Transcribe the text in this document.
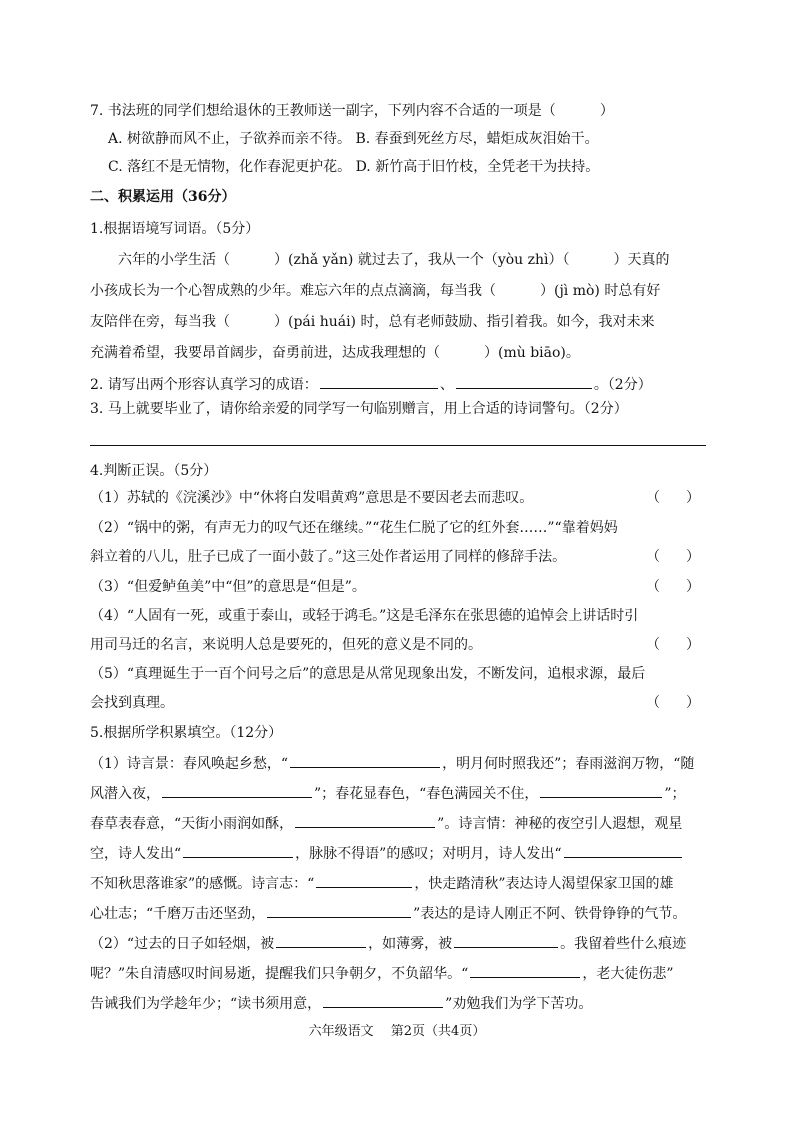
7. 书法班的同学们想给退休的王教师送一副字，下列内容不合适的一项是（	）
A. 树欲静而风不止，子欲养而亲不待。 B. 春蚕到死丝方尽，蜡炬成灰泪始干。
C. 落红不是无情物，化作春泥更护花。 D. 新竹高于旧竹枝，全凭老干为扶持。
二、积累运用（36分）
1.根据语境写词语。（5分）
六年的小学生活（	）(zhǎ yǎn) 就过去了，我从一个（yòu zhì）（	）天真的
小孩成长为一个心智成熟的少年。难忘六年的点点滴滴，每当我（	）(jì mò) 时总有好
友陪伴在旁，每当我（	）(pái huái) 时，总有老师鼓励、指引着我。如今，我对未来
充满着希望，我要昂首阔步，奋勇前进，达成我理想的（	）(mù biāo)。
2. 请写出两个形容认真学习的成语：	、	。（2分）
3. 马上就要毕业了，请你给亲爱的同学写一句临别赠言，用上合适的诗词警句。（2分）
4.判断正误。（5分）
（1）苏轼的《浣溪沙》中“休将白发唱黄鸡”意思是不要因老去而悲叹。	（ ）
（2）“锅中的粥，有声无力的叹气还在继续。”“花生仁脱了它的红外套……”“靠着妈妈
斜立着的八儿，肚子已成了一面小鼓了。”这三处作者运用了同样的修辞手法。	（ ）
（3）“但爱鲈鱼美”中“但”的意思是“但是”。	（ ）
（4）“人固有一死，或重于泰山，或轻于鸿毛。”这是毛泽东在张思德的追悼会上讲话时引
用司马迁的名言，来说明人总是要死的，但死的意义是不同的。	（ ）
（5）“真理诞生于一百个问号之后”的意思是从常见现象出发，不断发问，追根求源，最后
会找到真理。	（ ）
5.根据所学积累填空。（12分）
（1）诗言景：春风唤起乡愁，“	，明月何时照我还”；春雨滋润万物，“随
风潜入夜，	”；春花显春色，“春色满园关不住，	”；
春草表春意，“天街小雨润如酥，	”。诗言情：神秘的夜空引人遐想，观星
空，诗人发出“	，脉脉不得语”的感叹；对明月，诗人发出“
不知秋思落谁家”的感慨。诗言志：“	，快走踏清秋”表达诗人渴望保家卫国的雄
心壮志；“千磨万击还坚劲，	”表达的是诗人刚正不阿、铁骨铮铮的气节。
（2）“过去的日子如轻烟，被	，如薄雾，被	。我留着些什么痕迹
呢？”朱自清感叹时间易逝，提醒我们只争朝夕，不负韶华。“	，老大徒伤悲”
告诫我们为学趁年少；“读书须用意，	”劝勉我们为学下苦功。
六年级语文　 第2页（共4页）
